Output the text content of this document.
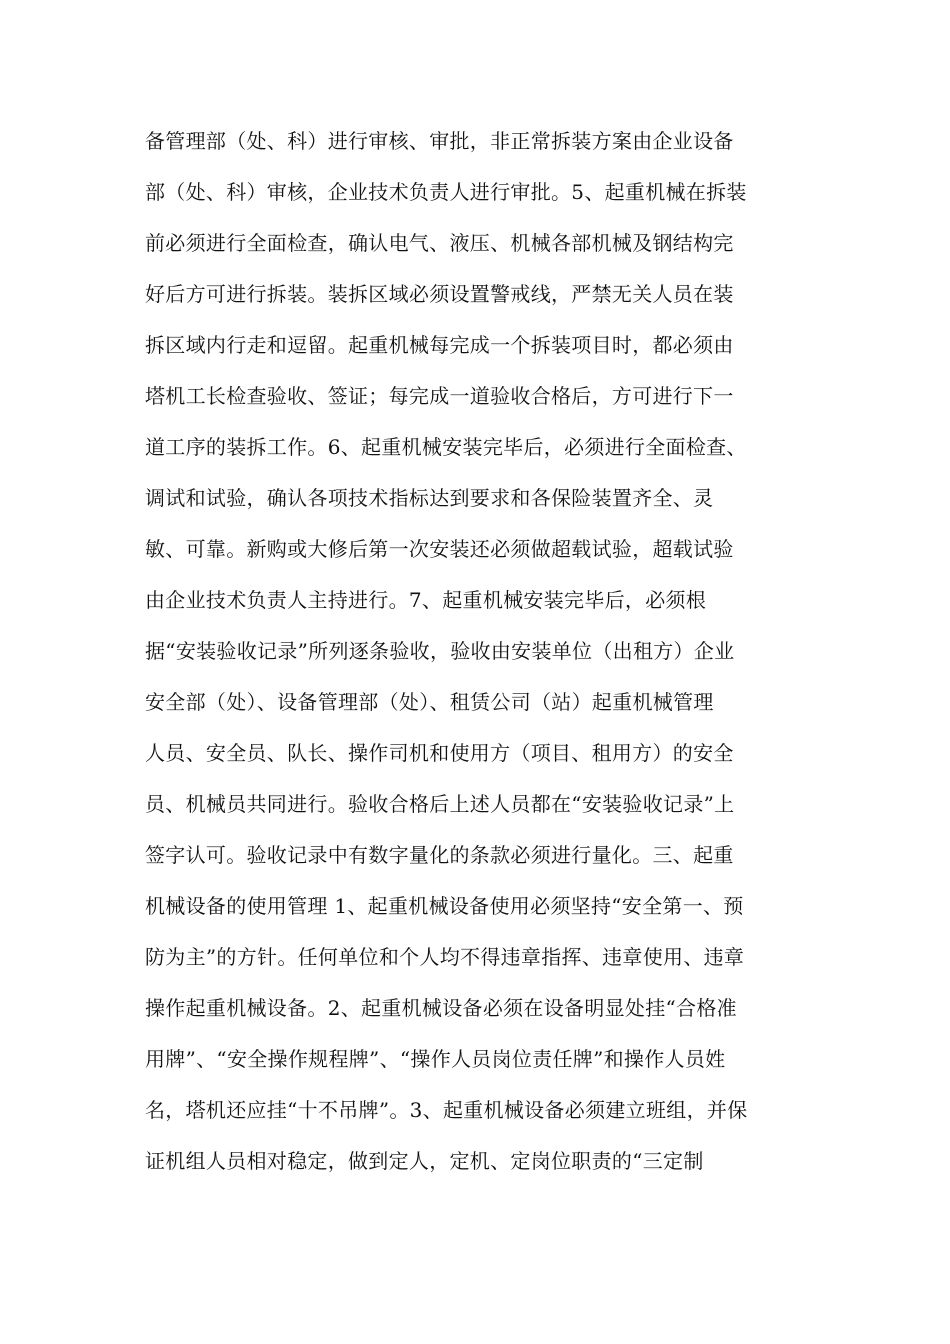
备管理部（处、科）进行审核、审批，非正常拆装方案由企业设备
部（处、科）审核，企业技术负责人进行审批。5、起重机械在拆装
前必须进行全面检查，确认电气、液压、机械各部机械及钢结构完
好后方可进行拆装。装拆区域必须设置警戒线，严禁无关人员在装
拆区域内行走和逗留。起重机械每完成一个拆装项目时，都必须由
塔机工长检查验收、签证；每完成一道验收合格后，方可进行下一
道工序的装拆工作。6、起重机械安装完毕后，必须进行全面检查、
调试和试验，确认各项技术指标达到要求和各保险装置齐全、灵
敏、可靠。新购或大修后第一次安装还必须做超载试验，超载试验
由企业技术负责人主持进行。7、起重机械安装完毕后，必须根
据“安装验收记录”所列逐条验收，验收由安装单位（出租方）企业
安全部（处）、设备管理部（处）、租赁公司（站）起重机械管理
人员、安全员、队长、操作司机和使用方（项目、租用方）的安全
员、机械员共同进行。验收合格后上述人员都在“安装验收记录”上
签字认可。验收记录中有数字量化的条款必须进行量化。三、起重
机械设备的使用管理 1、起重机械设备使用必须坚持“安全第一、预
防为主”的方针。任何单位和个人均不得违章指挥、违章使用、违章
操作起重机械设备。2、起重机械设备必须在设备明显处挂“合格准
用牌”、“安全操作规程牌”、“操作人员岗位责任牌”和操作人员姓
名，塔机还应挂“十不吊牌”。3、起重机械设备必须建立班组，并保
证机组人员相对稳定，做到定人，定机、定岗位职责的“三定制
